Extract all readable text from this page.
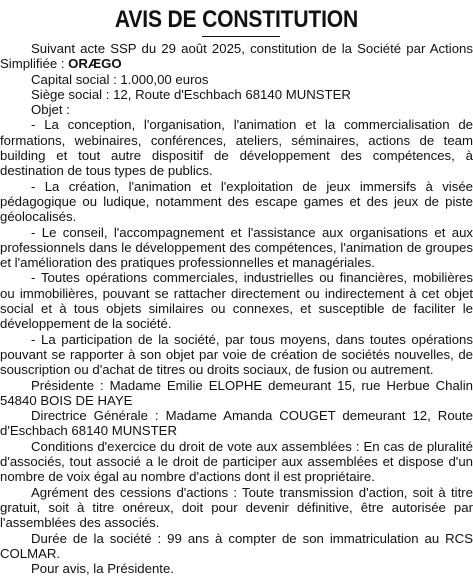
AVIS DE CONSTITUTION

Suivant acte SSP du 29 août 2025, constitution de la Société par Actions Simplifiée : ORÆGO

Capital social : 1.000,00 euros

Siège social : 12, Route d'Eschbach 68140 MUNSTER

Objet :

- La conception, l'organisation, l'animation et la commercialisation de formations, webinaires, conférences, ateliers, séminaires, actions de team building et tout autre dispositif de développement des compétences, à destination de tous types de publics.

- La création, l'animation et l'exploitation de jeux immersifs à visée pédagogique ou ludique, notamment des escape games et des jeux de piste géolocalisés.

- Le conseil, l'accompagnement et l'assistance aux organisations et aux professionnels dans le développement des compétences, l'animation de groupes et l'amélioration des pratiques professionnelles et managériales.

- Toutes opérations commerciales, industrielles ou financières, mobilières ou immobilières, pouvant se rattacher directement ou indirectement à cet objet social et à tous objets similaires ou connexes, et susceptible de faciliter le développement de la société.

- La participation de la société, par tous moyens, dans toutes opérations pouvant se rapporter à son objet par voie de création de sociétés nouvelles, de souscription ou d'achat de titres ou droits sociaux, de fusion ou autrement.

Présidente : Madame Emilie ELOPHE demeurant 15, rue Herbue Chalin 54840 BOIS DE HAYE

Directrice Générale : Madame Amanda COUGET demeurant 12, Route d'Eschbach 68140 MUNSTER

Conditions d'exercice du droit de vote aux assemblées : En cas de pluralité d'associés, tout associé a le droit de participer aux assemblées et dispose d'un nombre de voix égal au nombre d'actions dont il est propriétaire.

Agrément des cessions d'actions : Toute transmission d'action, soit à titre gratuit, soit à titre onéreux, doit pour devenir définitive, être autorisée par l'assemblées des associés.

Durée de la société : 99 ans à compter de son immatriculation au RCS COLMAR.

Pour avis, la Présidente.
